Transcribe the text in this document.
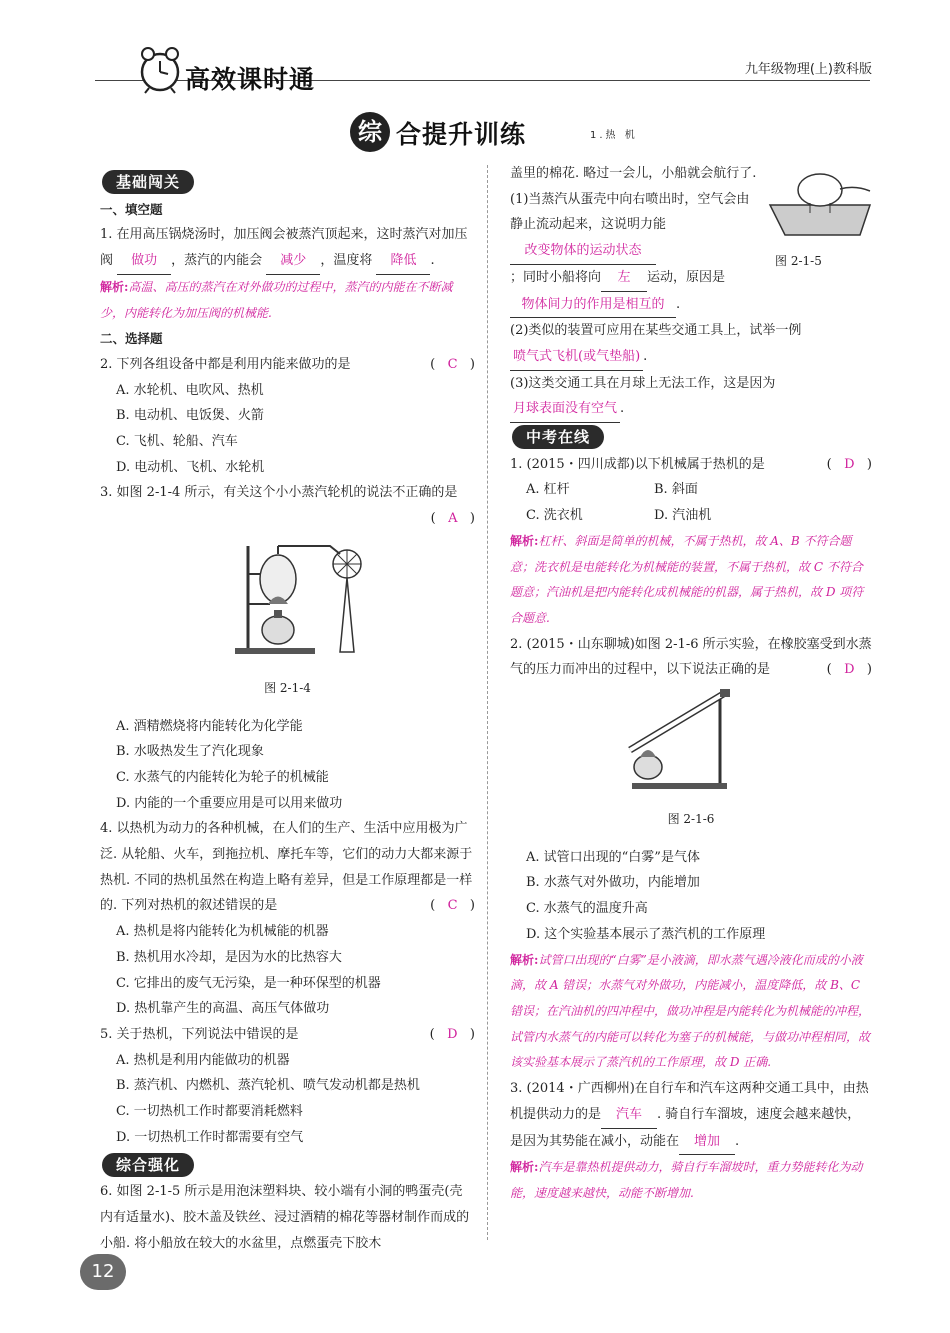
高效课时通	九年级物理(上)教科版
综 合提升训练	1.热 机
基础闯关

一、填空题

1. 在用高压锅烧汤时，加压阀会被蒸汽顶起来，这时蒸汽对加压阀 做功 ，蒸汽的内能会 减少 ，温度将 降低 .

解析:高温、高压的蒸汽在对外做功的过程中，蒸汽的内能在不断减少，内能转化为加压阀的机械能.

二、选择题

2. 下列各组设备中都是利用内能来做功的是	(   C   )

A. 水轮机、电吹风、热机

B. 电动机、电饭煲、火箭

C. 飞机、轮船、汽车

D. 电动机、飞机、水轮机

3. 如图 2-1-4 所示，有关这个小小蒸汽轮机的说法不正确的是

(   A   )

图 2-1-4

A. 酒精燃烧将内能转化为化学能

B. 水吸热发生了汽化现象

C. 水蒸气的内能转化为轮子的机械能

D. 内能的一个重要应用是可以用来做功

4. 以热机为动力的各种机械，在人们的生产、生活中应用极为广泛. 从轮船、火车，到拖拉机、摩托车等，它们的动力大都来源于热机. 不同的热机虽然在构造上略有差异，但是工作原理都是一样的. 下列对热机的叙述错误的是	(   C   )

A. 热机是将内能转化为机械能的机器

B. 热机用水冷却，是因为水的比热容大

C. 它排出的废气无污染，是一种环保型的机器

D. 热机靠产生的高温、高压气体做功

5. 关于热机，下列说法中错误的是	(   D   )

A. 热机是利用内能做功的机器

B. 蒸汽机、内燃机、蒸汽轮机、喷气发动机都是热机

C. 一切热机工作时都要消耗燃料

D. 一切热机工作时都需要有空气

综合强化

6. 如图 2-1-5 所示是用泡沫塑料块、较小端有小洞的鸭蛋壳(壳内有适量水)、胶木盖及铁丝、浸过酒精的棉花等器材制作而成的小船. 将小船放在较大的水盆里，点燃蛋壳下胶木

盖里的棉花. 略过一会儿，小船就会航行了.

(1)当蒸汽从蛋壳中向右喷出时，空气会由静止流动起来，这说明力能改变物体的运动状态

图 2-1-5

；同时小船将向 左 运动，原因是物体间力的作用是相互的 .

(2)类似的装置可应用在某些交通工具上，试举一例喷气式飞机(或气垫船) .

(3)这类交通工具在月球上无法工作，这是因为月球表面没有空气 .

中考在线

1. (2015・四川成都)以下机械属于热机的是	(   D   )

A. 杠杆	B. 斜面

C. 洗衣机	D. 汽油机

解析:杠杆、斜面是简单的机械，不属于热机，故 A、B 不符合题意；洗衣机是电能转化为机械能的装置，不属于热机，故 C 不符合题意；汽油机是把内能转化成机械能的机器，属于热机，故 D 项符合题意.

2. (2015・山东聊城)如图 2-1-6 所示实验，在橡胶塞受到水蒸气的压力而冲出的过程中，以下说法正确的是	(   D   )

图 2-1-6

A. 试管口出现的“白雾”是气体

B. 水蒸气对外做功，内能增加

C. 水蒸气的温度升高

D. 这个实验基本展示了蒸汽机的工作原理

解析:试管口出现的“白雾”是小液滴，即水蒸气遇冷液化而成的小液滴，故 A 错误；水蒸气对外做功，内能减小，温度降低，故 B、C 错误；在汽油机的四冲程中，做功冲程是内能转化为机械能的冲程，试管内水蒸气的内能可以转化为塞子的机械能，与做功冲程相同，故该实验基本展示了蒸汽机的工作原理，故 D 正确.

3. (2014・广西柳州)在自行车和汽车这两种交通工具中，由热机提供动力的是 汽车 . 骑自行车溜坡，速度会越来越快，是因为其势能在减小，动能在 增加 .

解析:汽车是靠热机提供动力，骑自行车溜坡时，重力势能转化为动能，速度越来越快，动能不断增加.

12
